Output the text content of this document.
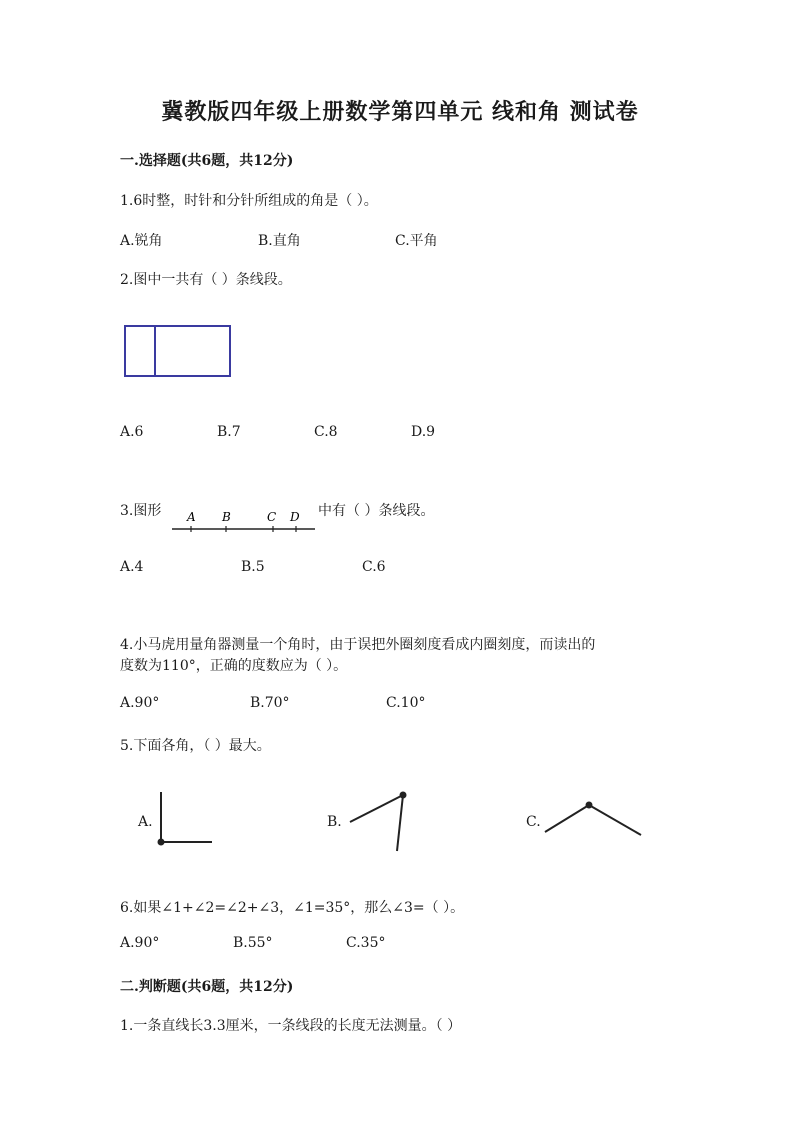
冀教版四年级上册数学第四单元 线和角 测试卷
一.选择题(共6题，共12分)
1.6时整，时针和分针所组成的角是（ ）。
A.锐角	B.直角	C.平角
2.图中一共有（ ）条线段。
A.6	B.7	C.8	D.9
3.图形 A B	C D 中有（ ）条线段。
A.4	B.5	C.6
4.小马虎用量角器测量一个角时，由于误把外圈刻度看成内圈刻度，而读出的
度数为110°，正确的度数应为（ ）。
A.90°	B.70°	C.10°
5.下面各角，（ ）最大。
A.	B.	C.
6.如果∠1+∠2=∠2+∠3，∠1=35°，那么∠3=（ ）。
A.90°	B.55°	C.35°
二.判断题(共6题，共12分)
1.一条直线长3.3厘米，一条线段的长度无法测量。（ ）
